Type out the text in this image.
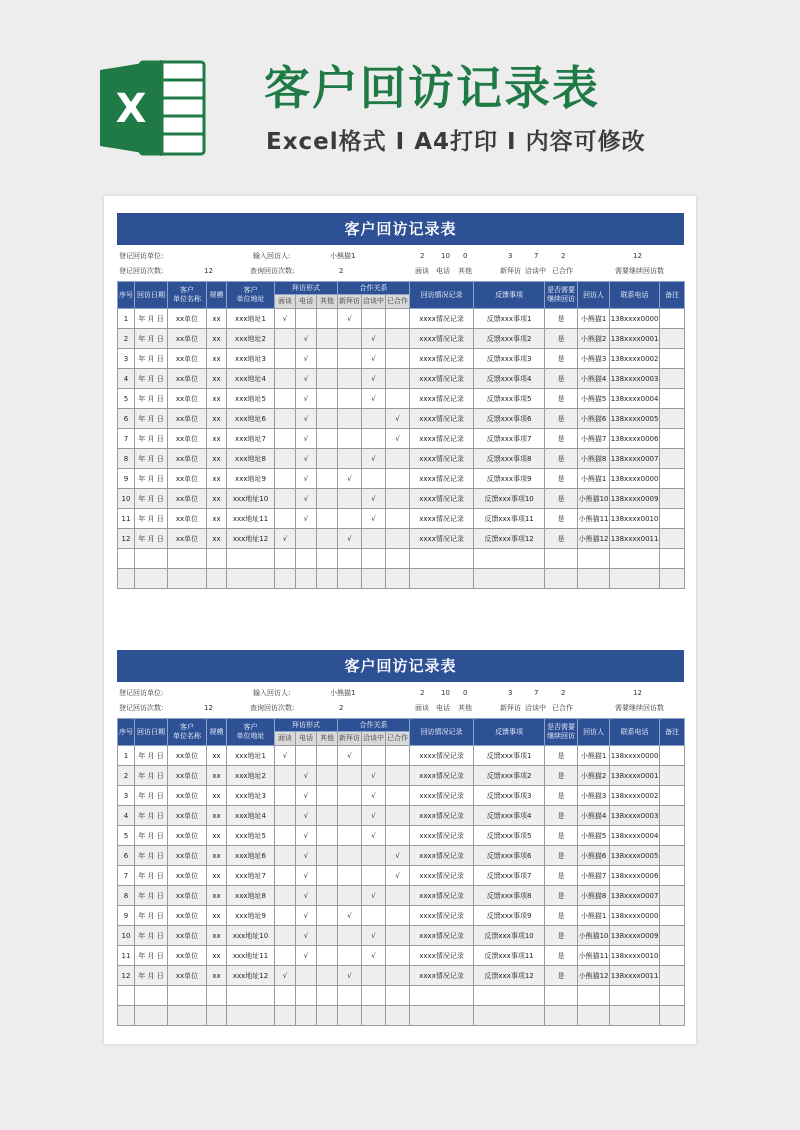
X	客户回访记录表
Excel格式 I A4打印 I 内容可修改
客户回访记录表
登记回访单位:
登记回访次数:	12
输入回访人:	小熊猫1
查询回访次数:	2
2 10 0
面谈 电话 其他
3	7	2
新拜访 洽谈中 已合作
12
需要继续回访数
序号	回访日期	客户
单位名称	规模	客户
单位地址	拜访形式			合作关系			回访情况记录	反馈事项	是否需要
继续回访	回访人	联系电话	备注
					面谈	电话	其他	新拜访	洽谈中	已合作						
1	年 月 日	xx单位	xx	xxx地址1	√			√			xxxx情况记录	反馈xxx事项1	是	小熊猫1	138xxxx0000	
2	年 月 日	xx单位	xx	xxx地址2		√			√		xxxx情况记录	反馈xxx事项2	是	小熊猫2	138xxxx0001	
3	年 月 日	xx单位	xx	xxx地址3		√			√		xxxx情况记录	反馈xxx事项3	是	小熊猫3	138xxxx0002	
4	年 月 日	xx单位	xx	xxx地址4		√			√		xxxx情况记录	反馈xxx事项4	是	小熊猫4	138xxxx0003	
5	年 月 日	xx单位	xx	xxx地址5		√			√		xxxx情况记录	反馈xxx事项5	是	小熊猫5	138xxxx0004	
6	年 月 日	xx单位	xx	xxx地址6		√				√	xxxx情况记录	反馈xxx事项6	是	小熊猫6	138xxxx0005	
7	年 月 日	xx单位	xx	xxx地址7		√				√	xxxx情况记录	反馈xxx事项7	是	小熊猫7	138xxxx0006	
8	年 月 日	xx单位	xx	xxx地址8		√			√		xxxx情况记录	反馈xxx事项8	是	小熊猫8	138xxxx0007	
9	年 月 日	xx单位	xx	xxx地址9		√		√			xxxx情况记录	反馈xxx事项9	是	小熊猫1	138xxxx0000	
10	年 月 日	xx单位	xx	xxx地址10		√			√		xxxx情况记录	反馈xxx事项10	是	小熊猫10	138xxxx0009	
11	年 月 日	xx单位	xx	xxx地址11		√			√		xxxx情况记录	反馈xxx事项11	是	小熊猫11	138xxxx0010	
12	年 月 日	xx单位	xx	xxx地址12	√			√			xxxx情况记录	反馈xxx事项12	是	小熊猫12	138xxxx0011	

客户回访记录表
登记回访单位:
登记回访次数:	12
输入回访人:	小熊猫1
查询回访次数:	2
2 10 0
面谈 电话 其他
3	7	2
新拜访 洽谈中 已合作
12
需要继续回访数
序号	回访日期	客户
单位名称	规模	客户
单位地址	拜访形式			合作关系			回访情况记录	反馈事项	是否需要
继续回访	回访人	联系电话	备注
					面谈	电话	其他	新拜访	洽谈中	已合作						
1	年 月 日	xx单位	xx	xxx地址1	√			√			xxxx情况记录	反馈xxx事项1	是	小熊猫1	138xxxx0000	
2	年 月 日	xx单位	xx	xxx地址2		√			√		xxxx情况记录	反馈xxx事项2	是	小熊猫2	138xxxx0001	
3	年 月 日	xx单位	xx	xxx地址3		√			√		xxxx情况记录	反馈xxx事项3	是	小熊猫3	138xxxx0002	
4	年 月 日	xx单位	xx	xxx地址4		√			√		xxxx情况记录	反馈xxx事项4	是	小熊猫4	138xxxx0003	
5	年 月 日	xx单位	xx	xxx地址5		√			√		xxxx情况记录	反馈xxx事项5	是	小熊猫5	138xxxx0004	
6	年 月 日	xx单位	xx	xxx地址6		√				√	xxxx情况记录	反馈xxx事项6	是	小熊猫6	138xxxx0005	
7	年 月 日	xx单位	xx	xxx地址7		√				√	xxxx情况记录	反馈xxx事项7	是	小熊猫7	138xxxx0006	
8	年 月 日	xx单位	xx	xxx地址8		√			√		xxxx情况记录	反馈xxx事项8	是	小熊猫8	138xxxx0007	
9	年 月 日	xx单位	xx	xxx地址9		√		√			xxxx情况记录	反馈xxx事项9	是	小熊猫1	138xxxx0000	
10	年 月 日	xx单位	xx	xxx地址10		√			√		xxxx情况记录	反馈xxx事项10	是	小熊猫10	138xxxx0009	
11	年 月 日	xx单位	xx	xxx地址11		√			√		xxxx情况记录	反馈xxx事项11	是	小熊猫11	138xxxx0010	
12	年 月 日	xx单位	xx	xxx地址12	√			√			xxxx情况记录	反馈xxx事项12	是	小熊猫12	138xxxx0011	
